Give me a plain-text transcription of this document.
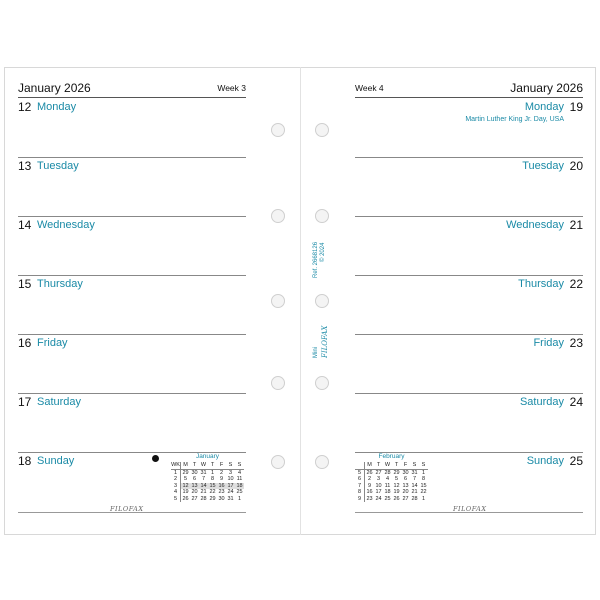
January 2026	Week 3
12 Monday
13 Tuesday
14 Wednesday
15 Thursday
16 Friday
17 Saturday
18 Sunday
FILOFAX
January
WK	M	T	W	T	F	S	S
1	29	30	31	1	2	3	4
2	5	6	7	8	9	10	11
3	12	13	14	15	16	17	18
4	19	20	21	22	23	24	25
5	26	27	28	29	30	31	1
Week 4	January 2026
19
Monday
Martin Luther King Jr. Day, USA
20
Tuesday
21
Wednesday
22
Thursday
23
Friday
24
Saturday
25
Sunday
FILOFAX
February
	M	T	W	T	F	S	S
5	26	27	28	29	30	31	1
6	2	3	4	5	6	7	8
7	9	10	11	12	13	14	15
8	16	17	18	19	20	21	22
9	23	24	25	26	27	28	1
Ref. 2668126 © 2024
Mini FILOFAX
